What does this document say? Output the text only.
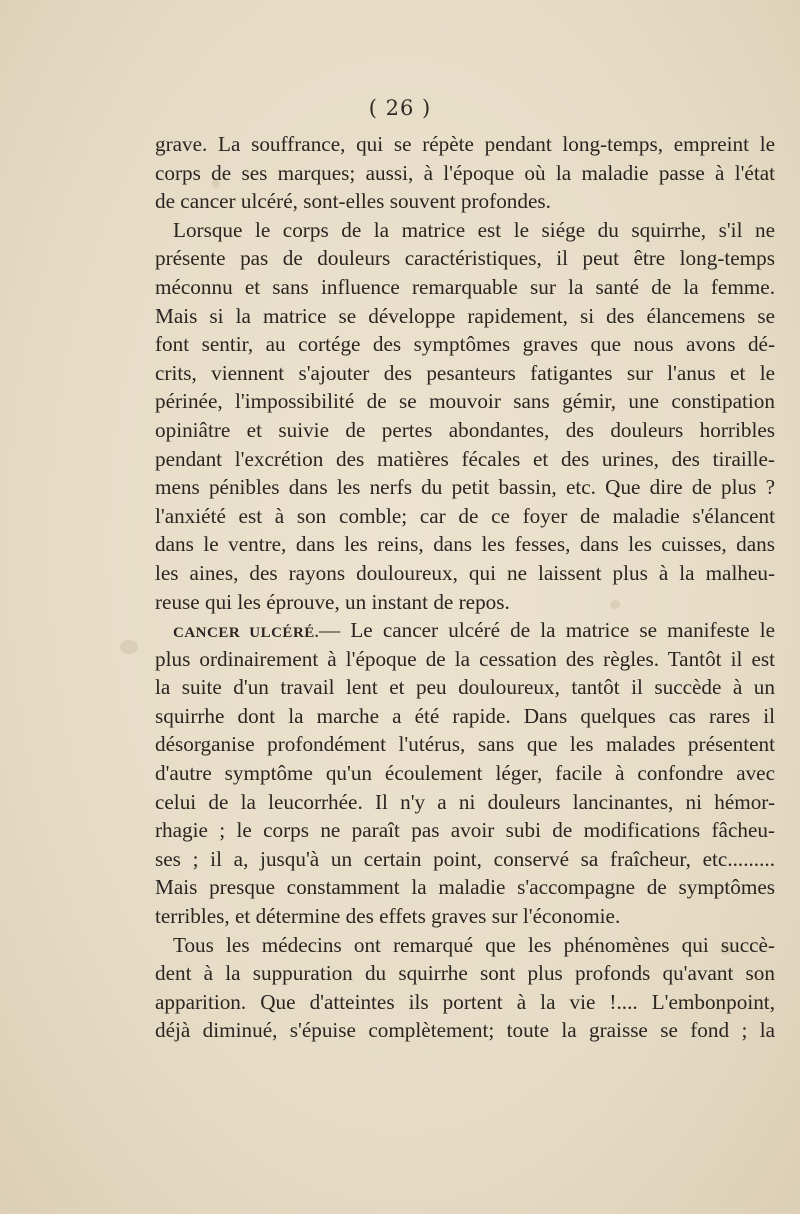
( 26 )
grave. La souffrance, qui se répète pendant long-temps, empreint le
corps de ses marques; aussi, à l'époque où la maladie passe à l'état
de cancer ulcéré, sont-elles souvent profondes.
Lorsque le corps de la matrice est le siége du squirrhe, s'il ne
présente pas de douleurs caractéristiques, il peut être long-temps
méconnu et sans influence remarquable sur la santé de la femme.
Mais si la matrice se développe rapidement, si des élancemens se
font sentir, au cortége des symptômes graves que nous avons dé-
crits, viennent s'ajouter des pesanteurs fatigantes sur l'anus et le
périnée, l'impossibilité de se mouvoir sans gémir, une constipation
opiniâtre et suivie de pertes abondantes, des douleurs horribles
pendant l'excrétion des matières fécales et des urines, des tiraille-
mens pénibles dans les nerfs du petit bassin, etc. Que dire de plus ?
l'anxiété est à son comble; car de ce foyer de maladie s'élancent
dans le ventre, dans les reins, dans les fesses, dans les cuisses, dans
les aines, des rayons douloureux, qui ne laissent plus à la malheu-
reuse qui les éprouve, un instant de repos.
CANCER ULCÉRÉ.— Le cancer ulcéré de la matrice se manifeste le
plus ordinairement à l'époque de la cessation des règles. Tantôt il est
la suite d'un travail lent et peu douloureux, tantôt il succède à un
squirrhe dont la marche a été rapide. Dans quelques cas rares il
désorganise profondément l'utérus, sans que les malades présentent
d'autre symptôme qu'un écoulement léger, facile à confondre avec
celui de la leucorrhée. Il n'y a ni douleurs lancinantes, ni hémor-
rhagie ; le corps ne paraît pas avoir subi de modifications fâcheu-
ses ; il a, jusqu'à un certain point, conservé sa fraîcheur, etc.........
Mais presque constamment la maladie s'accompagne de symptômes
terribles, et détermine des effets graves sur l'économie.
Tous les médecins ont remarqué que les phénomènes qui succè-
dent à la suppuration du squirrhe sont plus profonds qu'avant son
apparition. Que d'atteintes ils portent à la vie !.... L'embonpoint,
déjà diminué, s'épuise complètement; toute la graisse se fond ; la
